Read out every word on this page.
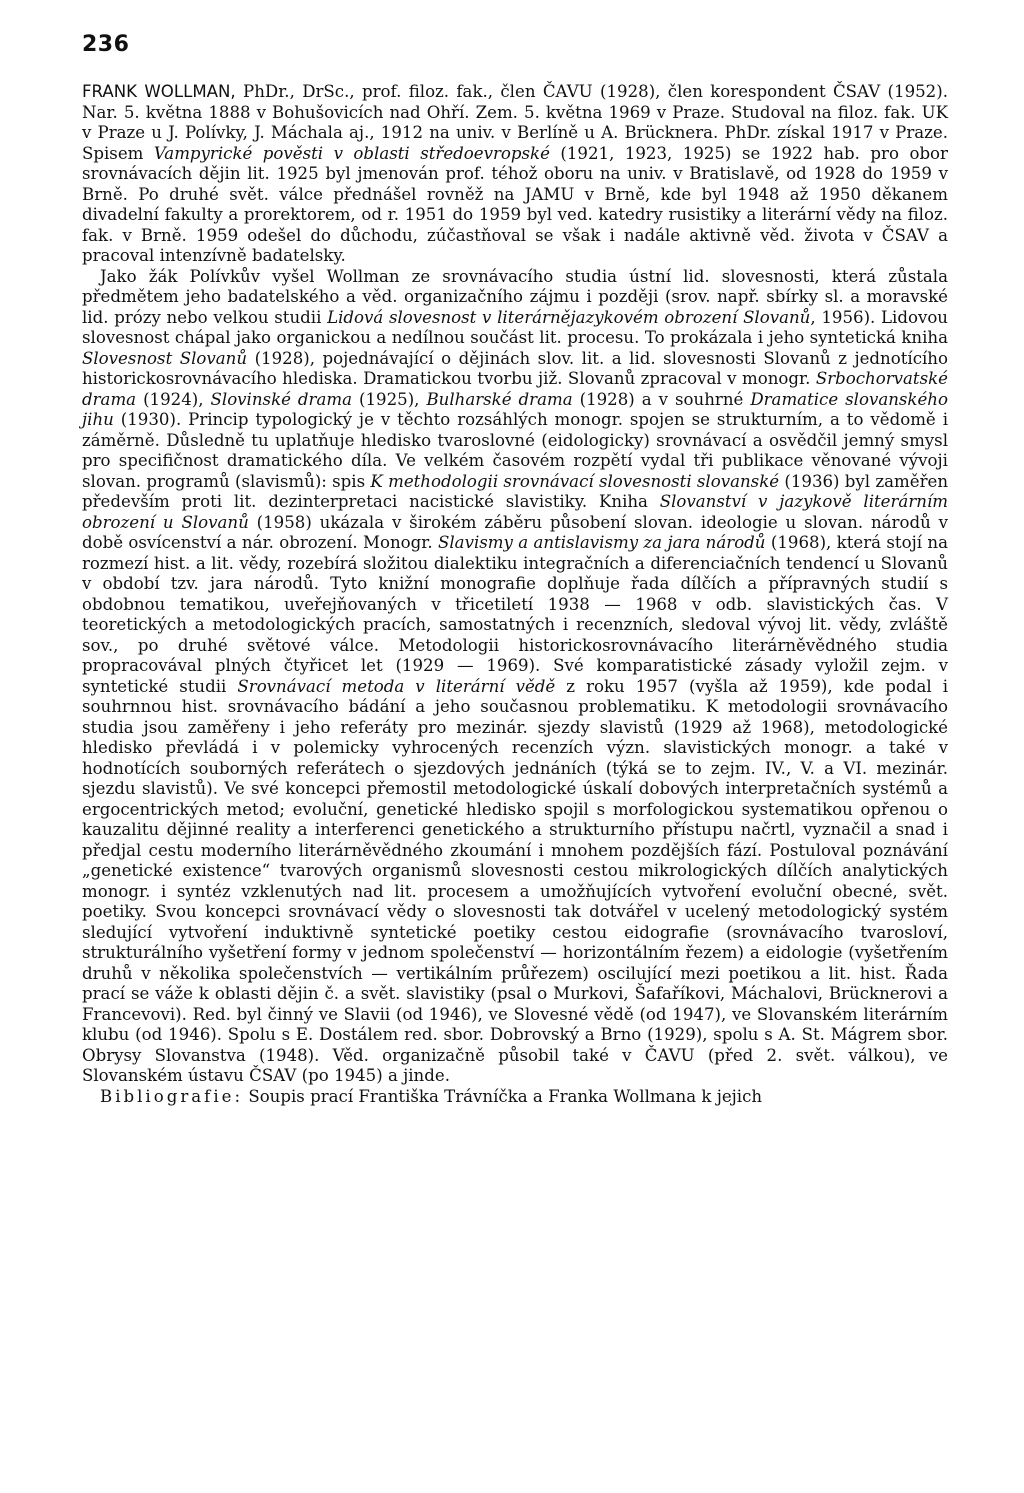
236

FRANK WOLLMAN, PhDr., DrSc., prof. filoz. fak., člen ČAVU (1928), člen korespondent ČSAV (1952). Nar. 5. května 1888 v Bohušovicích nad Ohří. Zem. 5. května 1969 v Praze. Studoval na filoz. fak. UK v Praze u J. Polívky, J. Máchala aj., 1912 na univ. v Berlíně u A. Brücknera. PhDr. získal 1917 v Praze. Spisem Vampyrické pověsti v oblasti středoevropské (1921, 1923, 1925) se 1922 hab. pro obor srovnávacích dějin lit. 1925 byl jmenován prof. téhož oboru na univ. v Bratislavě, od 1928 do 1959 v Brně. Po druhé svět. válce přednášel rovněž na JAMU v Brně, kde byl 1948 až 1950 děkanem divadelní fakulty a prorektorem, od r. 1951 do 1959 byl ved. katedry rusistiky a literární vědy na filoz. fak. v Brně. 1959 odešel do důchodu, zúčastňoval se však i nadále aktivně věd. života v ČSAV a pracoval intenzívně badatelsky.

Jako žák Polívkův vyšel Wollman ze srovnávacího studia ústní lid. slovesnosti, která zůstala předmětem jeho badatelského a věd. organizačního zájmu i později (srov. např. sbírky sl. a moravské lid. prózy nebo velkou studii Lidová slovesnost v literárnějazykovém obrození Slovanů, 1956). Lidovou slovesnost chápal jako organickou a nedílnou součást lit. procesu. To prokázala i jeho syntetická kniha Slovesnost Slovanů (1928), pojednávající o dějinách slov. lit. a lid. slovesnosti Slovanů z jednotícího historickosrovnávacího hlediska. Dramatickou tvorbu již. Slovanů zpracoval v monogr. Srbochorvatské drama (1924), Slovinské drama (1925), Bulharské drama (1928) a v souhrné Dramatice slovanského jihu (1930). Princip typologický je v těchto rozsáhlých monogr. spojen se strukturním, a to vědomě i záměrně. Důsledně tu uplatňuje hledisko tvaroslovné (eidologicky) srovnávací a osvědčil jemný smysl pro specifičnost dramatického díla. Ve velkém časovém rozpětí vydal tři publikace věnované vývoji slovan. programů (slavismů): spis K methodologii srovnávací slovesnosti slovanské (1936) byl zaměřen především proti lit. dezinterpretaci nacistické slavistiky. Kniha Slovanství v jazykově literárním obrození u Slovanů (1958) ukázala v širokém záběru působení slovan. ideologie u slovan. národů v době osvícenství a nár. obrození. Monogr. Slavismy a antislavismy za jara národů (1968), která stojí na rozmezí hist. a lit. vědy, rozebírá složitou dialektiku integračních a diferenciačních tendencí u Slovanů v období tzv. jara národů. Tyto knižní monografie doplňuje řada dílčích a přípravných studií s obdobnou tematikou, uveřejňovaných v třicetiletí 1938 — 1968 v odb. slavistických čas. V teoretických a metodologických pracích, samostatných i recenzních, sledoval vývoj lit. vědy, zvláště sov., po druhé světové válce. Metodologii historickosrovnávacího literárněvědného studia propracovával plných čtyřicet let (1929 — 1969). Své komparatistické zásady vyložil zejm. v syntetické studii Srovnávací metoda v literární vědě z roku 1957 (vyšla až 1959), kde podal i souhrnnou hist. srovnávacího bádání a jeho současnou problematiku. K metodologii srovnávacího studia jsou zaměřeny i jeho referáty pro mezinár. sjezdy slavistů (1929 až 1968), metodologické hledisko převládá i v polemicky vyhrocených recenzích význ. slavistických monogr. a také v hodnotících souborných referátech o sjezdových jednáních (týká se to zejm. IV., V. a VI. mezinár. sjezdu slavistů). Ve své koncepci přemostil metodologické úskalí dobových interpretačních systémů a ergocentrických metod; evoluční, genetické hledisko spojil s morfologickou systematikou opřenou o kauzalitu dějinné reality a interferenci genetického a strukturního přístupu načrtl, vyznačil a snad i předjal cestu moderního literárněvědného zkoumání i mnohem pozdějších fází. Postuloval poznávání „genetické existence“ tvarových organismů slovesnosti cestou mikrologických dílčích analytických monogr. i syntéz vzklenutých nad lit. procesem a umožňujících vytvoření evoluční obecné, svět. poetiky. Svou koncepci srovnávací vědy o slovesnosti tak dotvářel v ucelený metodologický systém sledující vytvoření induktivně syntetické poetiky cestou eidografie (srovnávacího tvarosloví, strukturálního vyšetření formy v jednom společenství — horizontálním řezem) a eidologie (vyšetřením druhů v několika společenstvích — vertikálním průřezem) oscilující mezi poetikou a lit. hist. Řada prací se váže k oblasti dějin č. a svět. slavistiky (psal o Murkovi, Šafaříkovi, Máchalovi, Brücknerovi a Francevovi). Red. byl činný ve Slavii (od 1946), ve Slovesné vědě (od 1947), ve Slovanském literárním klubu (od 1946). Spolu s E. Dostálem red. sbor. Dobrovský a Brno (1929), spolu s A. St. Mágrem sbor. Obrysy Slovanstva (1948). Věd. organizačně působil také v ČAVU (před 2. svět. válkou), ve Slovanském ústavu ČSAV (po 1945) a jinde.

Bibliografie: Soupis prací Františka Trávníčka a Franka Wollmana k jejich
